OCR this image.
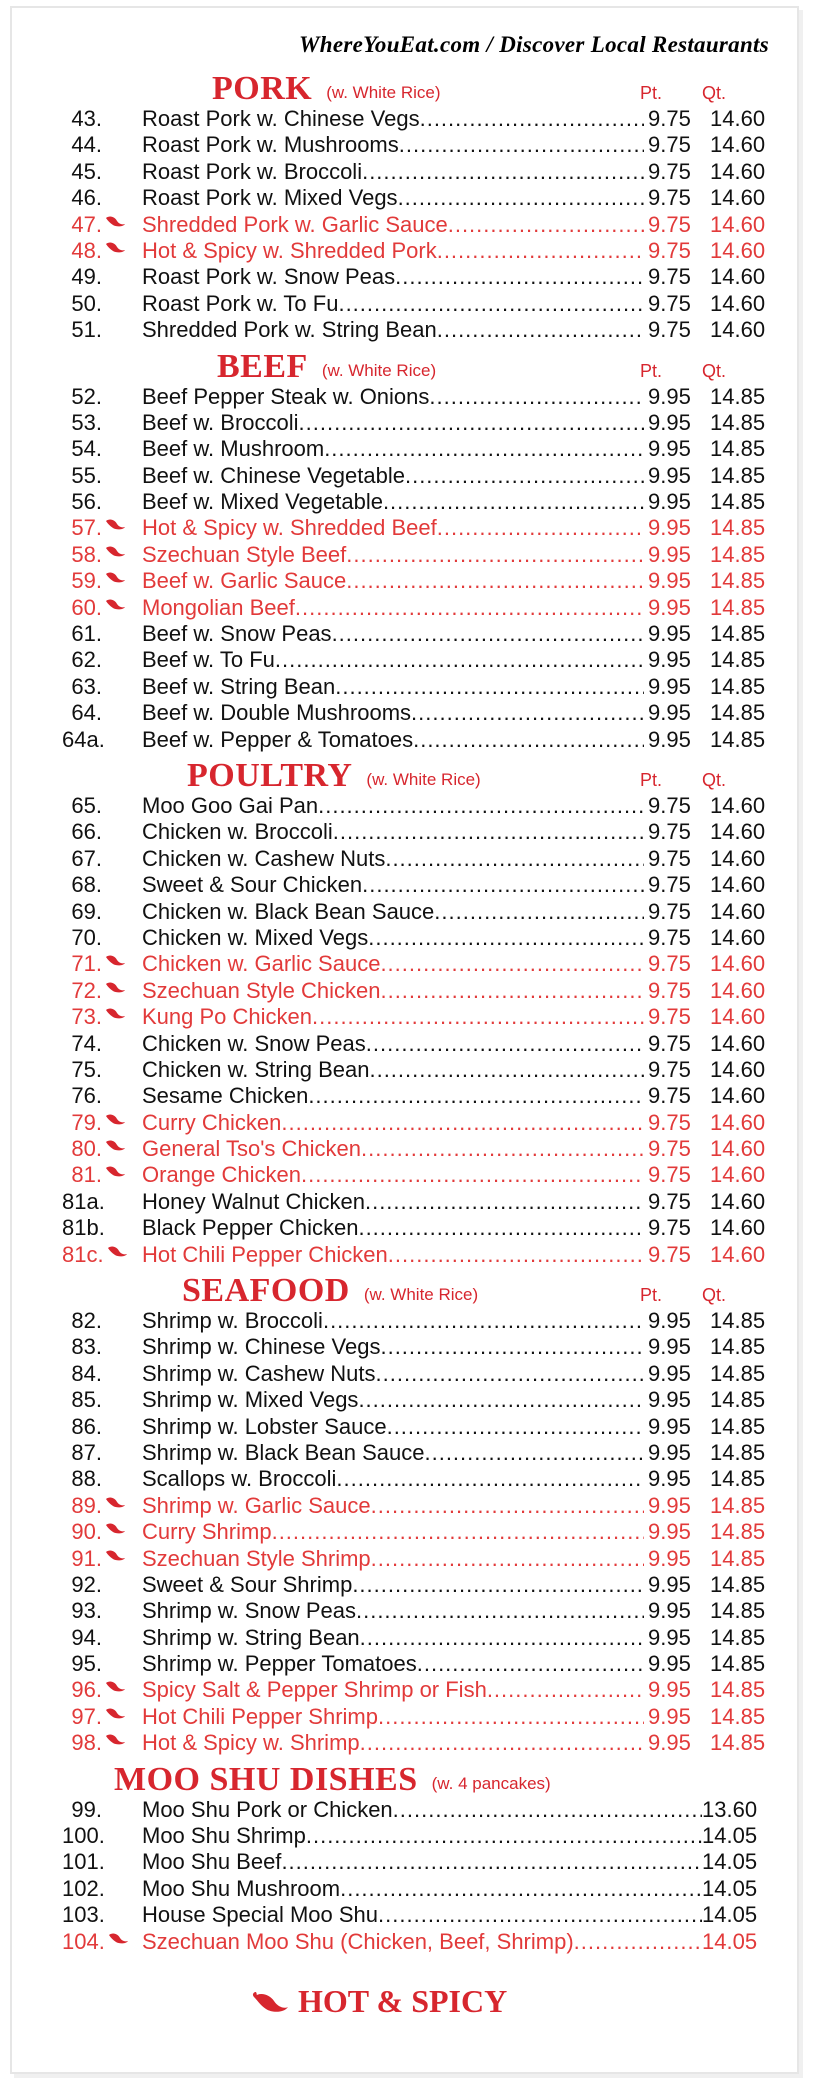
WhereYouEat.com / Discover Local Restaurants
PORK (w. White Rice)	Pt. Qt.
43. Roast Pork w. Chinese Vegs .....	9.75 14.60
44. Roast Pork w. Mushrooms .....	9.75 14.60
45. Roast Pork w. Broccoli .....	9.75 14.60
46. Roast Pork w. Mixed Vegs .....	9.75 14.60
47. Shredded Pork w. Garlic Sauce .....	9.75 14.60
48. Hot & Spicy w. Shredded Pork .....	9.75 14.60
49. Roast Pork w. Snow Peas .....	9.75 14.60
50. Roast Pork w. To Fu .....	9.75 14.60
51. Shredded Pork w. String Bean .....	9.75 14.60
BEEF (w. White Rice)	Pt. Qt.
52. Beef Pepper Steak w. Onions .....	9.95 14.85
53. Beef w. Broccoli .....	9.95 14.85
54. Beef w. Mushroom .....	9.95 14.85
55. Beef w. Chinese Vegetable .....	9.95 14.85
56. Beef w. Mixed Vegetable .....	9.95 14.85
57. Hot & Spicy w. Shredded Beef .....	9.95 14.85
58. Szechuan Style Beef .....	9.95 14.85
59. Beef w. Garlic Sauce .....	9.95 14.85
60. Mongolian Beef .....	9.95 14.85
61. Beef w. Snow Peas .....	9.95 14.85
62. Beef w. To Fu .....	9.95 14.85
63. Beef w. String Bean .....	9.95 14.85
64. Beef w. Double Mushrooms .....	9.95 14.85
64a. Beef w. Pepper & Tomatoes .....	9.95 14.85
POULTRY (w. White Rice)	Pt. Qt.
65. Moo Goo Gai Pan .....	9.75 14.60
66. Chicken w. Broccoli .....	9.75 14.60
67. Chicken w. Cashew Nuts .....	9.75 14.60
68. Sweet & Sour Chicken .....	9.75 14.60
69. Chicken w. Black Bean Sauce .....	9.75 14.60
70. Chicken w. Mixed Vegs .....	9.75 14.60
71. Chicken w. Garlic Sauce .....	9.75 14.60
72. Szechuan Style Chicken .....	9.75 14.60
73. Kung Po Chicken .....	9.75 14.60
74. Chicken w. Snow Peas .....	9.75 14.60
75. Chicken w. String Bean .....	9.75 14.60
76. Sesame Chicken .....	9.75 14.60
79. Curry Chicken .....	9.75 14.60
80. General Tso's Chicken .....	9.75 14.60
81. Orange Chicken .....	9.75 14.60
81a. Honey Walnut Chicken .....	9.75 14.60
81b. Black Pepper Chicken .....	9.75 14.60
81c. Hot Chili Pepper Chicken .....	9.75 14.60
SEAFOOD (w. White Rice)	Pt. Qt.
82. Shrimp w. Broccoli .....	9.95 14.85
83. Shrimp w. Chinese Vegs .....	9.95 14.85
84. Shrimp w. Cashew Nuts .....	9.95 14.85
85. Shrimp w. Mixed Vegs .....	9.95 14.85
86. Shrimp w. Lobster Sauce .....	9.95 14.85
87. Shrimp w. Black Bean Sauce .....	9.95 14.85
88. Scallops w. Broccoli .....	9.95 14.85
89. Shrimp w. Garlic Sauce .....	9.95 14.85
90. Curry Shrimp .....	9.95 14.85
91. Szechuan Style Shrimp .....	9.95 14.85
92. Sweet & Sour Shrimp .....	9.95 14.85
93. Shrimp w. Snow Peas .....	9.95 14.85
94. Shrimp w. String Bean .....	9.95 14.85
95. Shrimp w. Pepper Tomatoes .....	9.95 14.85
96. Spicy Salt & Pepper Shrimp or Fish .....	9.95 14.85
97. Hot Chili Pepper Shrimp .....	9.95 14.85
98. Hot & Spicy w. Shrimp .....	9.95 14.85
MOO SHU DISHES (w. 4 pancakes)
99. Moo Shu Pork or Chicken .....	13.60
100. Moo Shu Shrimp .....	14.05
101. Moo Shu Beef .....	14.05
102. Moo Shu Mushroom .....	14.05
103. House Special Moo Shu .....	14.05
104. Szechuan Moo Shu (Chicken, Beef, Shrimp) .....	14.05
HOT & SPICY
